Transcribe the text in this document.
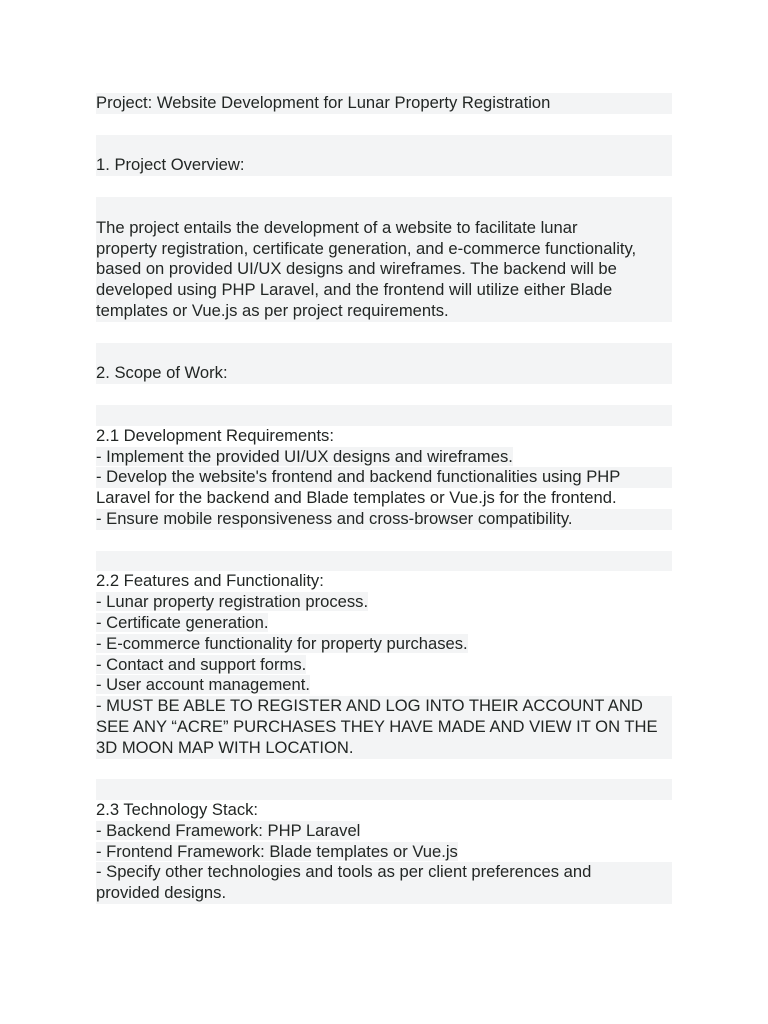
Project: Website Development for Lunar Property Registration
1. Project Overview:
The project entails the development of a website to facilitate lunar
property registration, certificate generation, and e-commerce functionality,
based on provided UI/UX designs and wireframes. The backend will be
developed using PHP Laravel, and the frontend will utilize either Blade
templates or Vue.js as per project requirements.
2. Scope of Work:
2.1 Development Requirements:
- Implement the provided UI/UX designs and wireframes.
- Develop the website's frontend and backend functionalities using PHP
Laravel for the backend and Blade templates or Vue.js for the frontend.
- Ensure mobile responsiveness and cross-browser compatibility.
2.2 Features and Functionality:
- Lunar property registration process.
- Certificate generation.
- E-commerce functionality for property purchases.
- Contact and support forms.
- User account management.
- MUST BE ABLE TO REGISTER AND LOG INTO THEIR ACCOUNT AND
SEE ANY “ACRE” PURCHASES THEY HAVE MADE AND VIEW IT ON THE
3D MOON MAP WITH LOCATION.
2.3 Technology Stack:
- Backend Framework: PHP Laravel
- Frontend Framework: Blade templates or Vue.js
- Specify other technologies and tools as per client preferences and
provided designs.
